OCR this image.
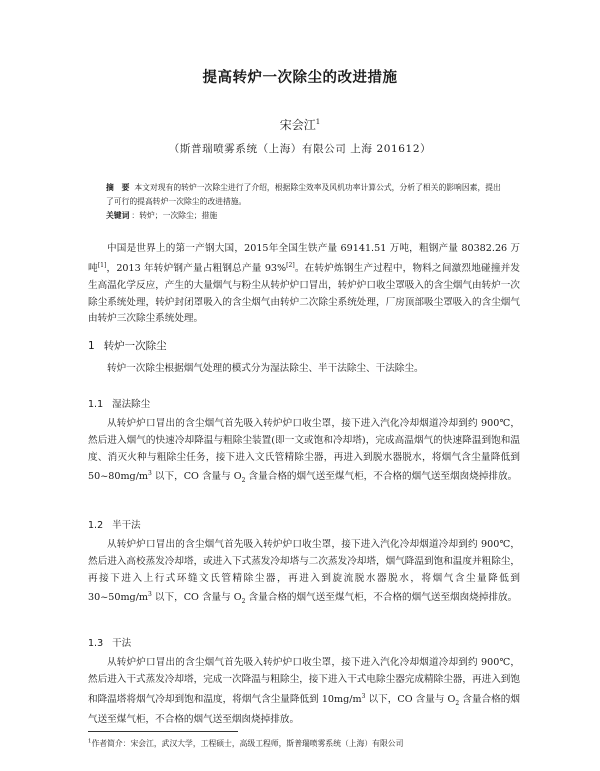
提高转炉一次除尘的改进措施
宋会江$^1$
（斯普瑞喷雾系统（上海）有限公司 上海 201612）
摘　要 本文对现有的转炉一次除尘进行了介绍，根据除尘效率及风机功率计算公式，分析了相关的影响因素，提出了可行的提高转炉一次除尘的改进措施。
关键词 ：转炉；一次除尘；措施
中国是世界上的第一产钢大国，2015年全国生铁产量 69141.51 万吨，粗钢产量 80382.26 万吨[1]，2013 年转炉钢产量占粗钢总产量 93%[2]。在转炉炼钢生产过程中，物料之间激烈地碰撞并发生高温化学反应，产生的大量烟气与粉尘从转炉炉口冒出，转炉炉口收尘罩吸入的含尘烟气由转炉一次除尘系统处理，转炉封闭罩吸入的含尘烟气由转炉二次除尘系统处理，厂房顶部吸尘罩吸入的含尘烟气由转炉三次除尘系统处理。
1 转炉一次除尘
转炉一次除尘根据烟气处理的模式分为湿法除尘、半干法除尘、干法除尘。
1.1 湿法除尘
从转炉炉口冒出的含尘烟气首先吸入转炉炉口收尘罩，接下进入汽化冷却烟道冷却到约 900℃，然后进入烟气的快速冷却降温与粗除尘装置(即一文或饱和冷却塔)，完成高温烟气的快速降温到饱和温度、消灭火种与粗除尘任务，接下进入文氏管精除尘器，再进入到脱水器脱水，将烟气含尘量降低到 $50\sim 80mg/m^3$ 以下，CO 含量与 $O_2$ 含量合格的烟气送至煤气柜，不合格的烟气送至烟囱烧掉排放。
1.2 半干法
从转炉炉口冒出的含尘烟气首先吸入转炉炉口收尘罩，接下进入汽化冷却烟道冷却到约 900℃，然后进入高校蒸发冷却塔，或进入下式蒸发冷却塔与二次蒸发冷却塔，烟气降温到饱和温度并粗除尘，再接下进入上行式环缝文氏管精除尘器，再进入到旋流脱水器脱水，将烟气含尘量降低到 $30\sim 50mg/m^3$ 以下，CO 含量与 $O_2$ 含量合格的烟气送至煤气柜，不合格的烟气送至烟囱烧掉排放。
1.3 干法
从转炉炉口冒出的含尘烟气首先吸入转炉炉口收尘罩，接下进入汽化冷却烟道冷却到约 900℃，然后进入干式蒸发冷却塔，完成一次降温与粗除尘，接下进入干式电除尘器完成精除尘器，再进入到饱和降温塔将烟气冷却到饱和温度，将烟气含尘量降低到 $10mg/m^3$ 以下，CO 含量与 $O_2$ 含量合格的烟气送至煤气柜，不合格的烟气送至烟囱烧掉排放。
$^1$作者简介：宋会江，武汉大学，工程硕士，高级工程师，斯普瑞喷雾系统（上海）有限公司
